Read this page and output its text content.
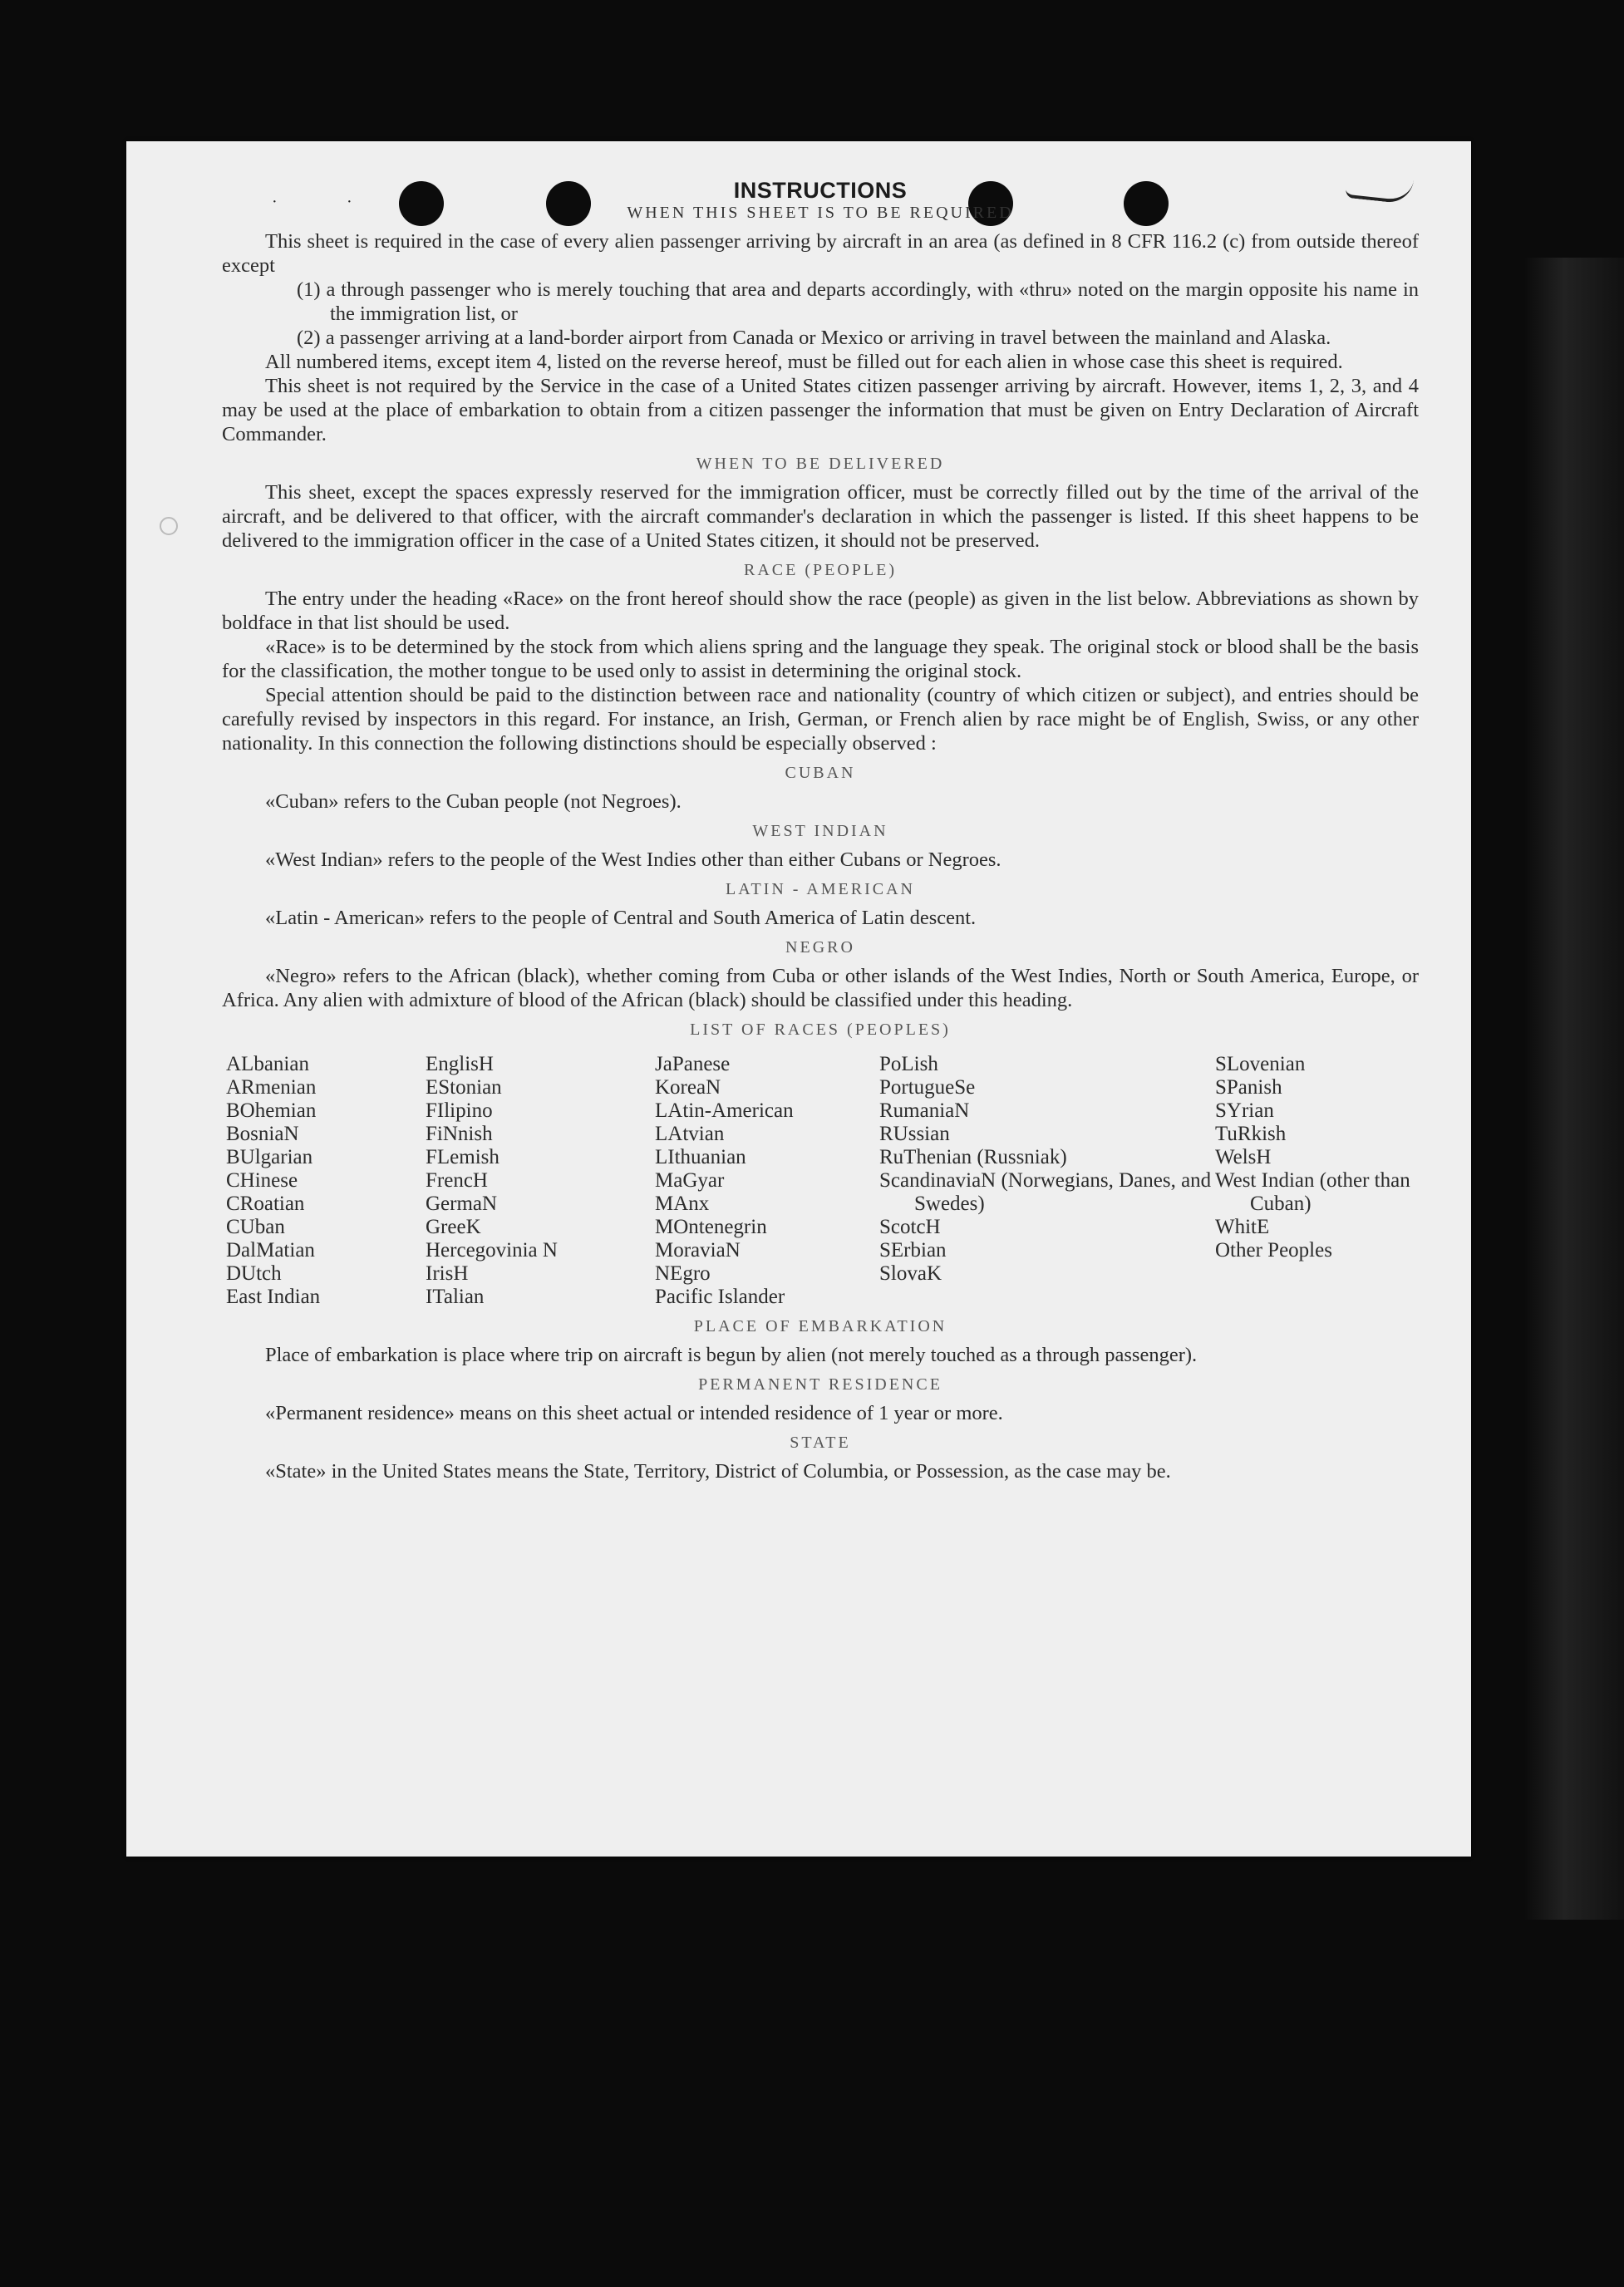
·	·	INSTRUCTIONS
WHEN THIS SHEET IS TO BE REQUIRED

This sheet is required in the case of every alien passenger arriving by aircraft in an area (as defined in 8 CFR 116.2 (c) from outside thereof except

(1) a through passenger who is merely touching that area and departs accordingly, with «thru» noted on the margin opposite his name in the immigration list, or
(2) a passenger arriving at a land-border airport from Canada or Mexico or arriving in travel between the mainland and Alaska.

All numbered items, except item 4, listed on the reverse hereof, must be filled out for each alien in whose case this sheet is required.

This sheet is not required by the Service in the case of a United States citizen passenger arriving by aircraft. However, items 1, 2, 3, and 4 may be used at the place of embarkation to obtain from a citizen passenger the information that must be given on Entry Declaration of Aircraft Commander.

WHEN TO BE DELIVERED

This sheet, except the spaces expressly reserved for the immigration officer, must be correctly filled out by the time of the arrival of the aircraft, and be delivered to that officer, with the aircraft commander's declaration in which the passenger is listed. If this sheet happens to be delivered to the immigration officer in the case of a United States citizen, it should not be preserved.

RACE (PEOPLE)

The entry under the heading «Race» on the front hereof should show the race (people) as given in the list below. Abbreviations as shown by boldface in that list should be used.

«Race» is to be determined by the stock from which aliens spring and the language they speak. The original stock or blood shall be the basis for the classification, the mother tongue to be used only to assist in determining the original stock.

Special attention should be paid to the distinction between race and nationality (country of which citizen or subject), and entries should be carefully revised by inspectors in this regard. For instance, an Irish, German, or French alien by race might be of English, Swiss, or any other nationality. In this connection the following distinctions should be especially observed :

CUBAN

«Cuban» refers to the Cuban people (not Negroes).

WEST INDIAN

«West Indian» refers to the people of the West Indies other than either Cubans or Negroes.

LATIN - AMERICAN

«Latin - American» refers to the people of Central and South America of Latin descent.

NEGRO

«Negro» refers to the African (black), whether coming from Cuba or other islands of the West Indies, North or South America, Europe, or Africa. Any alien with admixture of blood of the African (black) should be classified under this heading.

LIST OF RACES (PEOPLES)
ALbanian
ARmenian
BOhemian
BosniaN
BUlgarian
CHinese
CRoatian
CUban
DalMatian
DUtch
East Indian
EnglisH
EStonian
FIlipino
FiNnish
FLemish
FrencH
GermaN
GreeK
Hercegovinia N
IrisH
ITalian
JaPanese
KoreaN
LAtin-American
LAtvian
LIthuanian
MaGyar
MAnx
MOntenegrin
MoraviaN
NEgro
Pacific Islander
PoLish
PortugueSe
RumaniaN
RUssian
RuThenian (Russniak)
ScandinaviaN (Norwegians, Danes, and Swedes)
ScotcH
SErbian
SlovaK
SLovenian
SPanish
SYrian
TuRkish
WelsH
West Indian (other than Cuban)
WhitE
Other Peoples
PLACE OF EMBARKATION

Place of embarkation is place where trip on aircraft is begun by alien (not merely touched as a through passenger).

PERMANENT RESIDENCE

«Permanent residence» means on this sheet actual or intended residence of 1 year or more.

STATE

«State» in the United States means the State, Territory, District of Columbia, or Possession, as the case may be.
